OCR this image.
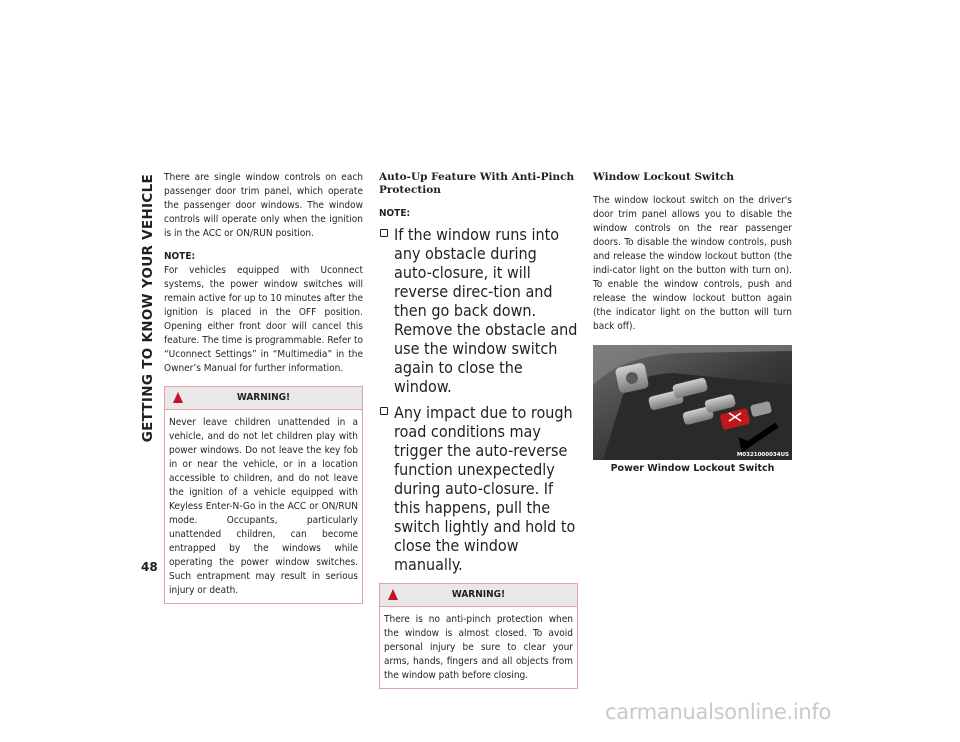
GETTING TO KNOW YOUR VEHICLE
48

There are single window controls on each passenger door trim panel, which operate the passenger door windows. The window controls will operate only when the ignition is in the ACC or ON/RUN position.

NOTE:

For vehicles equipped with Uconnect systems, the power window switches will remain active for up to 10 minutes after the ignition is placed in the OFF position. Opening either front door will cancel this feature. The time is programmable. Refer to “Uconnect Settings” in “Multimedia” in the Owner’s Manual for further information.

WARNING!

Never leave children unattended in a vehicle, and do not let children play with power windows. Do not leave the key fob in or near the vehicle, or in a location accessible to children, and do not leave the ignition of a vehicle equipped with Keyless Enter-N-Go in the ACC or ON/RUN mode. Occupants, particularly unattended children, can become entrapped by the windows while operating the power window switches. Such entrapment may result in serious injury or death.

Auto-Up Feature With Anti-Pinch Protection
NOTE:
If the window runs into any obstacle during auto-closure, it will reverse direc-tion and then go back down. Remove the obstacle and use the window switch again to close the window.
Any impact due to rough road conditions may trigger the auto-reverse function unexpectedly during auto-closure. If this happens, pull the switch lightly and hold to close the window manually.
WARNING!

There is no anti-pinch protection when the window is almost closed. To avoid personal injury be sure to clear your arms, hands, fingers and all objects from the window path before closing.

Window Lockout Switch

The window lockout switch on the driver's door trim panel allows you to disable the window controls on the rear passenger doors. To disable the window controls, push and release the window lockout button (the indi-cator light on the button with turn on). To enable the window controls, push and release the window lockout button again (the indicator light on the button will turn back off).

M0321000034US
Power Window Lockout Switch
carmanualsonline.info
